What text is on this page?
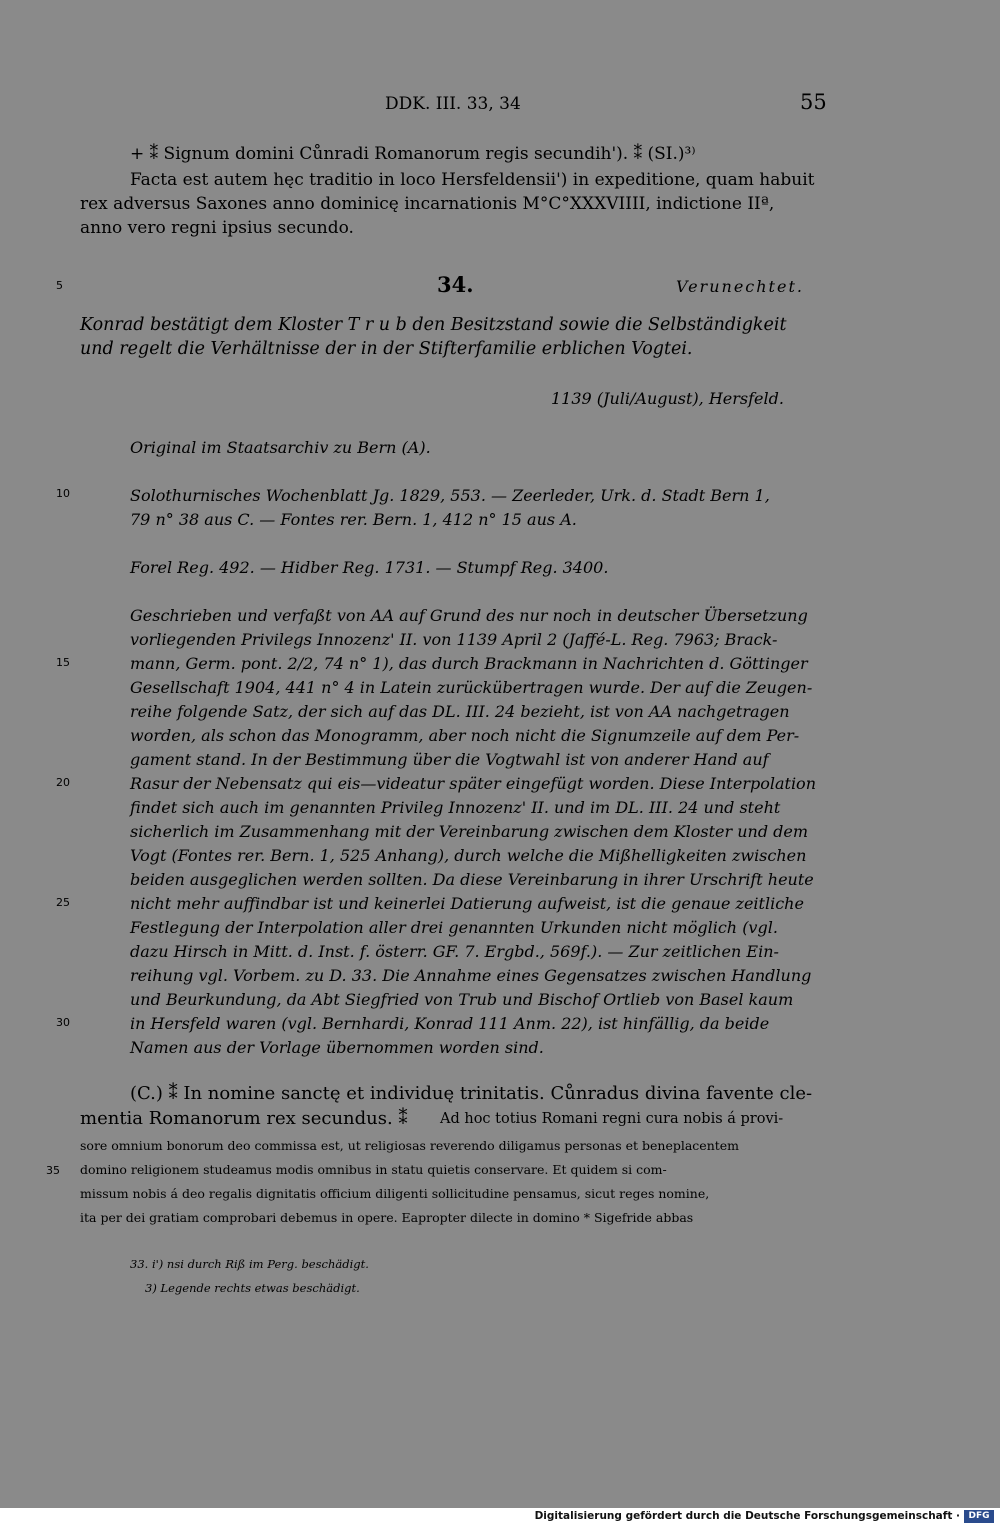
DDK. III. 33, 34	55
+ ⁑ Signum domini Cůnradi Romanorum regis secundih'). ⁑ (SI.)³⁾
Facta est autem hęc traditio in loco Hersfeldensii') in expeditione, quam habuit
rex adversus Saxones anno dominicę incarnationis M°C°XXXVIIII, indictione IIª,
anno vero regni ipsius secundo.
5	34.	Verunechtet.
Konrad bestätigt dem Kloster T r u b den Besitzstand sowie die Selbständigkeit
und regelt die Verhältnisse der in der Stifterfamilie erblichen Vogtei.
1139 (Juli/August), Hersfeld.
Original im Staatsarchiv zu Bern (A).
10	Solothurnisches Wochenblatt Jg. 1829, 553. — Zeerleder, Urk. d. Stadt Bern 1,
79 n° 38 aus C. — Fontes rer. Bern. 1, 412 n° 15 aus A.
Forel Reg. 492. — Hidber Reg. 1731. — Stumpf Reg. 3400.
Geschrieben und verfaßt von AA auf Grund des nur noch in deutscher Übersetzung
vorliegenden Privilegs Innozenz' II. von 1139 April 2 (Jaffé-L. Reg. 7963; Brack-
15	mann, Germ. pont. 2/2, 74 n° 1), das durch Brackmann in Nachrichten d. Göttinger
Gesellschaft 1904, 441 n° 4 in Latein zurückübertragen wurde. Der auf die Zeugen-
reihe folgende Satz, der sich auf das DL. III. 24 bezieht, ist von AA nachgetragen
worden, als schon das Monogramm, aber noch nicht die Signumzeile auf dem Per-
gament stand. In der Bestimmung über die Vogtwahl ist von anderer Hand auf
20	Rasur der Nebensatz qui eis—videatur später eingefügt worden. Diese Interpolation
findet sich auch im genannten Privileg Innozenz' II. und im DL. III. 24 und steht
sicherlich im Zusammenhang mit der Vereinbarung zwischen dem Kloster und dem
Vogt (Fontes rer. Bern. 1, 525 Anhang), durch welche die Mißhelligkeiten zwischen
beiden ausgeglichen werden sollten. Da diese Vereinbarung in ihrer Urschrift heute
25	nicht mehr auffindbar ist und keinerlei Datierung aufweist, ist die genaue zeitliche
Festlegung der Interpolation aller drei genannten Urkunden nicht möglich (vgl.
dazu Hirsch in Mitt. d. Inst. f. österr. GF. 7. Ergbd., 569f.). — Zur zeitlichen Ein-
reihung vgl. Vorbem. zu D. 33. Die Annahme eines Gegensatzes zwischen Handlung
und Beurkundung, da Abt Siegfried von Trub und Bischof Ortlieb von Basel kaum
30	in Hersfeld waren (vgl. Bernhardi, Konrad 111 Anm. 22), ist hinfällig, da beide
Namen aus der Vorlage übernommen worden sind.
(C.) ⁑ In nomine sanctę et individuę trinitatis. Cůnradus divina favente cle-
mentia Romanorum rex secundus. ⁑ Ad hoc totius Romani regni cura nobis á provi-
sore omnium bonorum deo commissa est, ut religiosas reverendo diligamus personas et beneplacentem
35 domino religionem studeamus modis omnibus in statu quietis conservare. Et quidem si com-
missum nobis á deo regalis dignitatis officium diligenti sollicitudine pensamus, sicut reges nomine,
ita per dei gratiam comprobari debemus in opere. Eapropter dilecte in domino * Sigefride abbas
33. i') nsi durch Riß im Perg. beschädigt.
3) Legende rechts etwas beschädigt.
Digitalisierung gefördert durch die Deutsche Forschungsgemeinschaft · DFG
